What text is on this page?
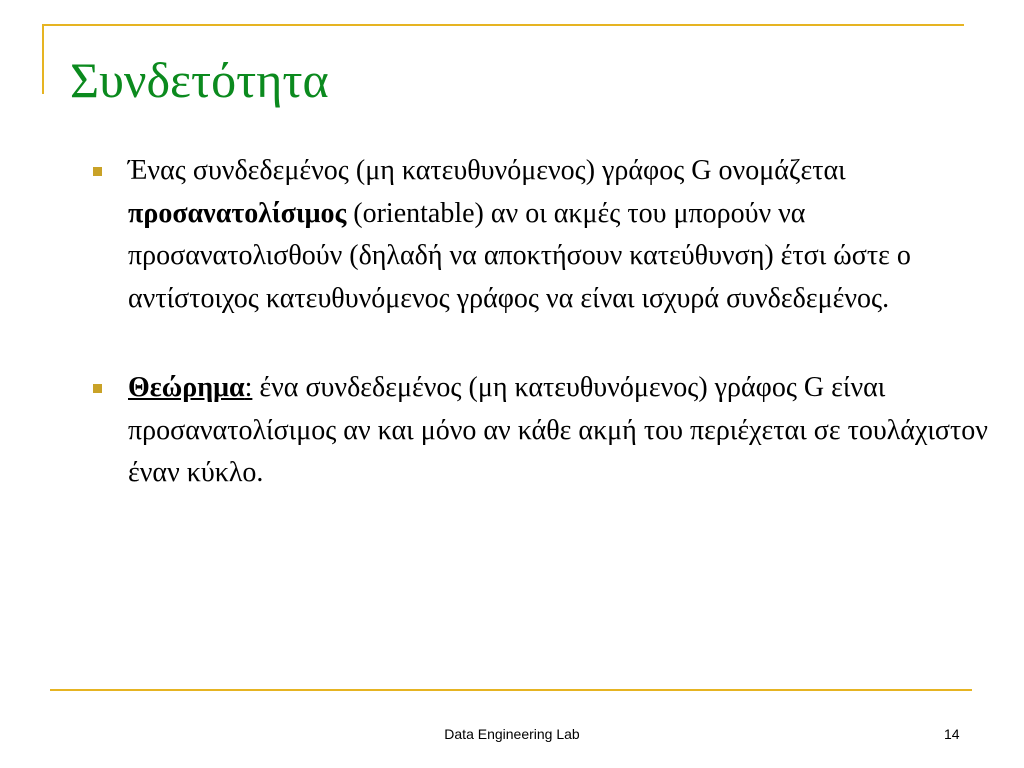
Συνδετότητα
Ένας συνδεδεμένος (μη κατευθυνόμενος) γράφος G ονομάζεται προσανατολίσιμος (orientable) αν οι ακμές του μπορούν να προσανατολισθούν (δηλαδή να αποκτήσουν κατεύθυνση) έτσι ώστε ο αντίστοιχος κατευθυνόμενος γράφος να είναι ισχυρά συνδεδεμένος.
Θεώρημα: ένα συνδεδεμένος (μη κατευθυνόμενος) γράφος G είναι προσανατολίσιμος αν και μόνο αν κάθε ακμή του περιέχεται σε τουλάχιστον έναν κύκλο.
Data Engineering Lab	14
